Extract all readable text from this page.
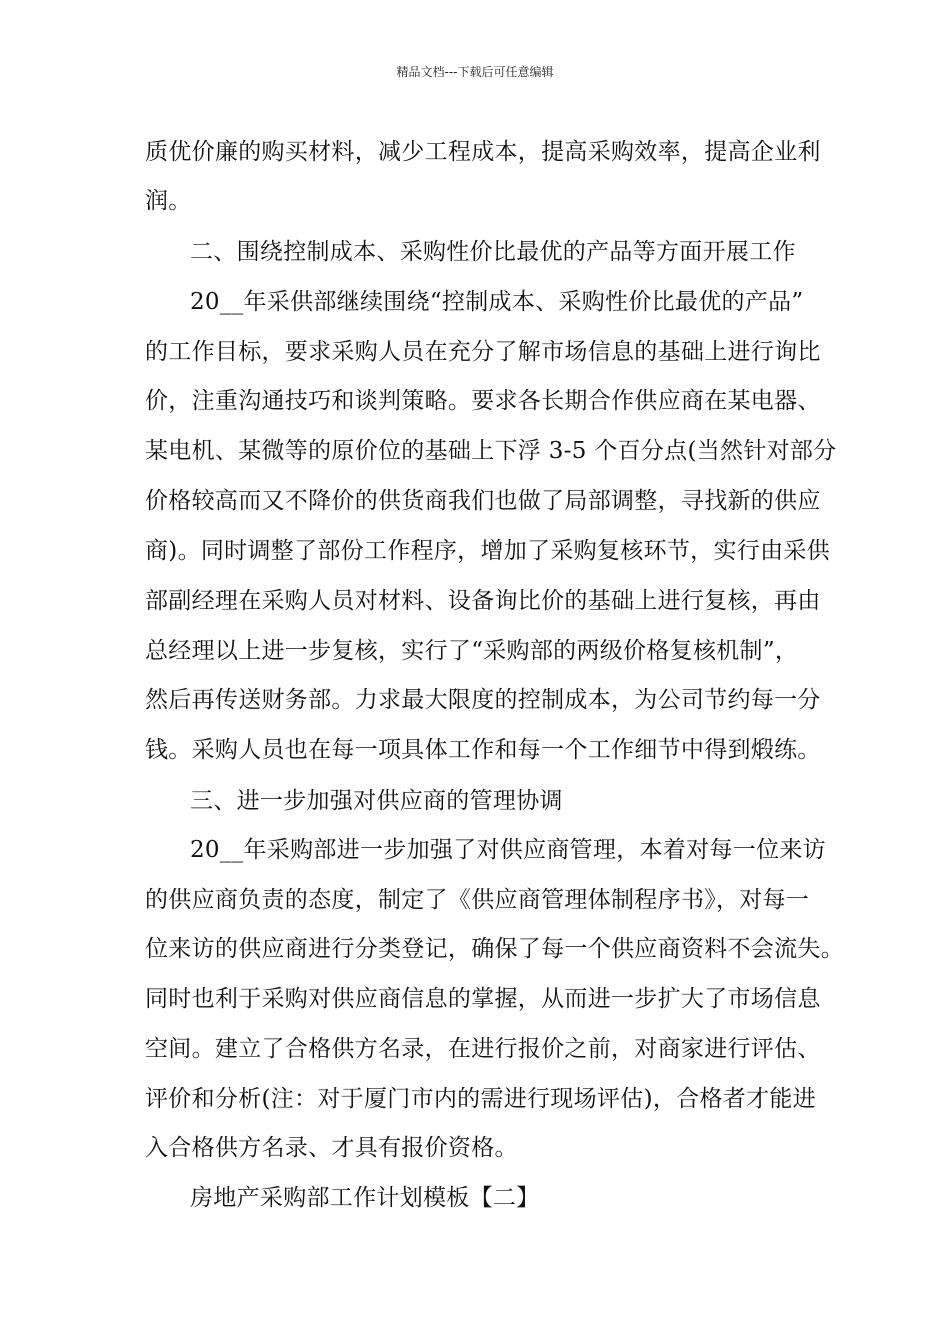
精品文档---下载后可任意编辑
质优价廉的购买材料，减少工程成本，提高采购效率，提高企业利
润。
二、围绕控制成本、采购性价比最优的产品等方面开展工作
20__年采供部继续围绕“控制成本、采购性价比最优的产品”
的工作目标，要求采购人员在充分了解市场信息的基础上进行询比
价，注重沟通技巧和谈判策略。要求各长期合作供应商在某电器、
某电机、某微等的原价位的基础上下浮 3-5 个百分点(当然针对部分
价格较高而又不降价的供货商我们也做了局部调整，寻找新的供应
商)。同时调整了部份工作程序，增加了采购复核环节，实行由采供
部副经理在采购人员对材料、设备询比价的基础上进行复核，再由
总经理以上进一步复核，实行了“采购部的两级价格复核机制”，
然后再传送财务部。力求最大限度的控制成本，为公司节约每一分
钱。采购人员也在每一项具体工作和每一个工作细节中得到煅练。
三、进一步加强对供应商的管理协调
20__年采购部进一步加强了对供应商管理，本着对每一位来访
的供应商负责的态度，制定了《供应商管理体制程序书》，对每一
位来访的供应商进行分类登记，确保了每一个供应商资料不会流失。
同时也利于采购对供应商信息的掌握，从而进一步扩大了市场信息
空间。建立了合格供方名录，在进行报价之前，对商家进行评估、
评价和分析(注：对于厦门市内的需进行现场评估)，合格者才能进
入合格供方名录、才具有报价资格。
房地产采购部工作计划模板【二】
